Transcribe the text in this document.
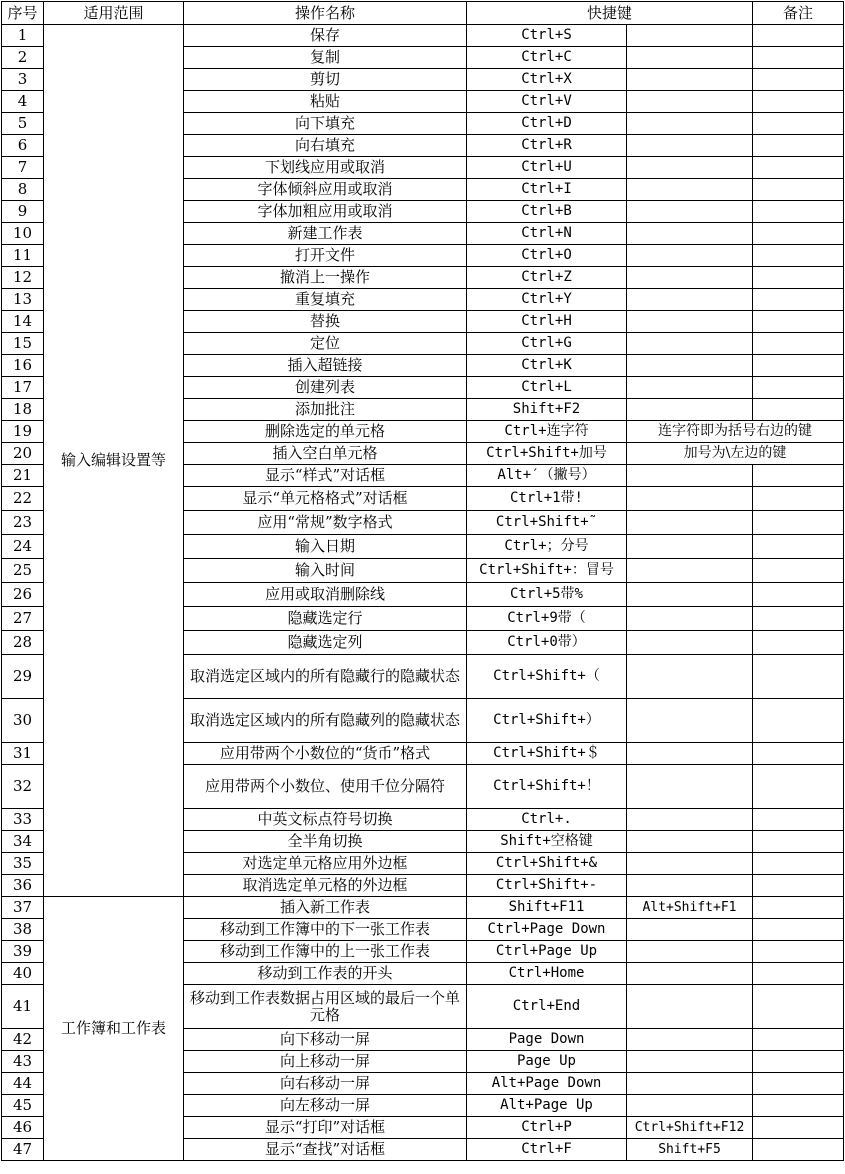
序号	适用范围	操作名称	快捷键		备注
1	输入编辑设置等	保存	Ctrl+S		
2		复制	Ctrl+C		
3		剪切	Ctrl+X		
4		粘贴	Ctrl+V		
5		向下填充	Ctrl+D		
6		向右填充	Ctrl+R		
7		下划线应用或取消	Ctrl+U		
8		字体倾斜应用或取消	Ctrl+I		
9		字体加粗应用或取消	Ctrl+B		
10		新建工作表	Ctrl+N		
11		打开文件	Ctrl+O		
12		撤消上一操作	Ctrl+Z		
13		重复填充	Ctrl+Y		
14		替换	Ctrl+H		
15		定位	Ctrl+G		
16		插入超链接	Ctrl+K		
17		创建列表	Ctrl+L		
18		添加批注	Shift+F2		
19		删除选定的单元格	Ctrl+连字符	连字符即为括号右边的键	
20		插入空白单元格	Ctrl+Shift+加号	加号为\左边的键	
21		显示“样式”对话框	Alt+′（撇号）		
22		显示“单元格格式”对话框	Ctrl+1带!		
23		应用“常规”数字格式	Ctrl+Shift+˜		
24		输入日期	Ctrl+；分号		
25		输入时间	Ctrl+Shift+：冒号		
26		应用或取消删除线	Ctrl+5带%		
27		隐藏选定行	Ctrl+9带（		
28		隐藏选定列	Ctrl+0带）		
29		取消选定区域内的所有隐藏行的隐藏状态	Ctrl+Shift+（		
30		取消选定区域内的所有隐藏列的隐藏状态	Ctrl+Shift+）		
31		应用带两个小数位的“货币”格式	Ctrl+Shift+＄		
32		应用带两个小数位、使用千位分隔符	Ctrl+Shift+！		
33		中英文标点符号切换	Ctrl+.		
34		全半角切换	Shift+空格键		
35		对选定单元格应用外边框	Ctrl+Shift+&		
36		取消选定单元格的外边框	Ctrl+Shift+-		
37	工作簿和工作表	插入新工作表	Shift+F11	Alt+Shift+F1	
38		移动到工作簿中的下一张工作表	Ctrl+Page Down		
39		移动到工作簿中的上一张工作表	Ctrl+Page Up		
40		移动到工作表的开头	Ctrl+Home		
41		移动到工作表数据占用区域的最后一个单元格	Ctrl+End		
42		向下移动一屏	Page Down		
43		向上移动一屏	Page Up		
44		向右移动一屏	Alt+Page Down		
45		向左移动一屏	Alt+Page Up		
46		显示“打印”对话框	Ctrl+P	Ctrl+Shift+F12	
47		显示“查找”对话框	Ctrl+F	Shift+F5	
